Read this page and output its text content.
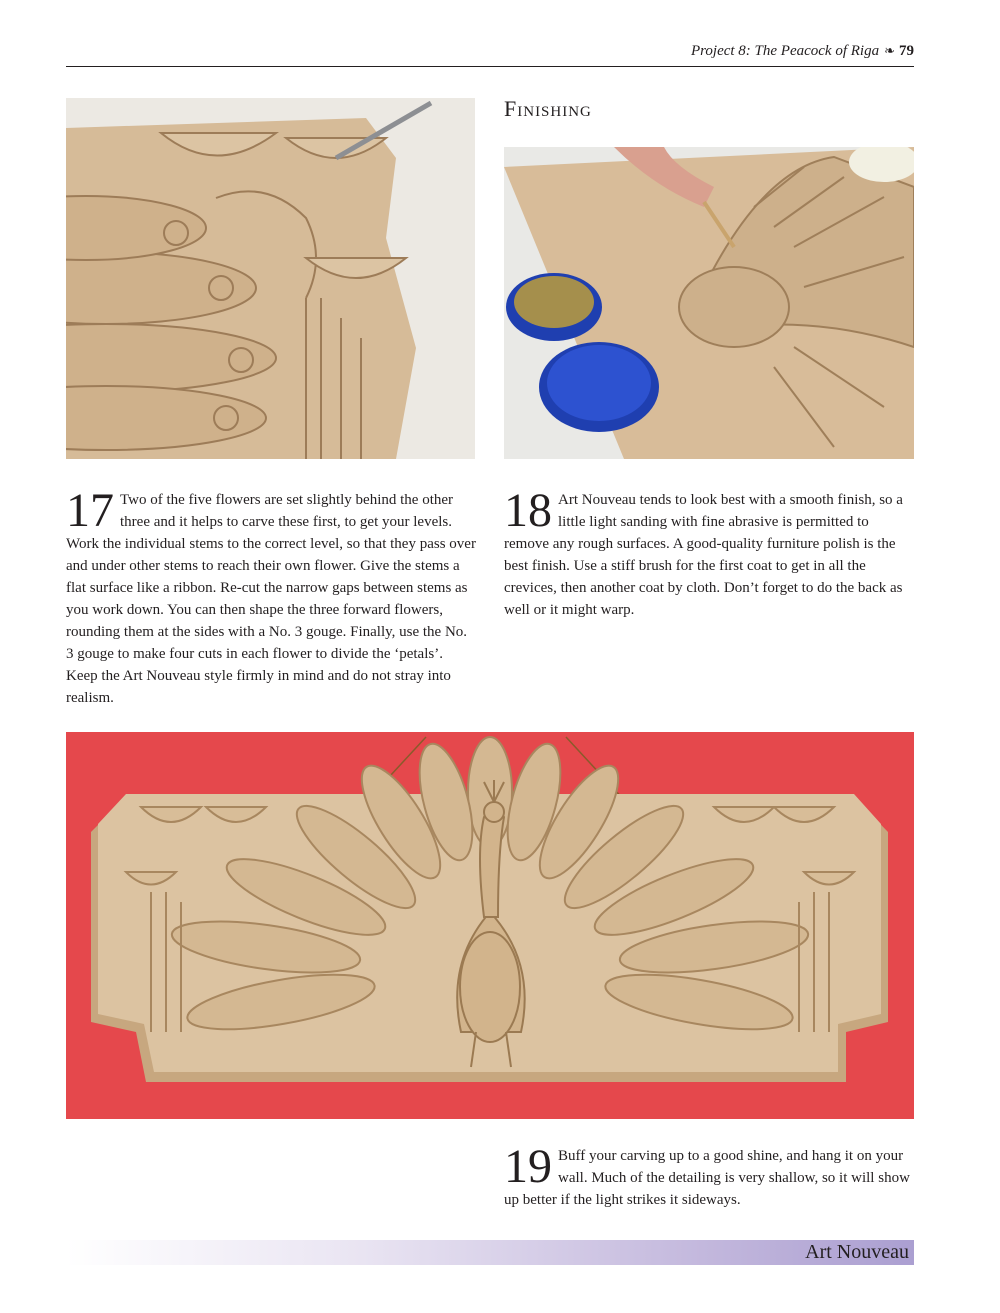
Project 8: The Peacock of Riga ❧ 79
Finishing
17 Two of the five flowers are set slightly behind the other three and it helps to carve these first, to get your levels. Work the individual stems to the correct level, so that they pass over and under other stems to reach their own flower. Give the stems a flat surface like a ribbon. Re-cut the narrow gaps between stems as you work down. You can then shape the three forward flowers, rounding them at the sides with a No. 3 gouge. Finally, use the No. 3 gouge to make four cuts in each flower to divide the ‘petals’. Keep the Art Nouveau style firmly in mind and do not stray into realism.
18 Art Nouveau tends to look best with a smooth finish, so a little light sanding with fine abrasive is permitted to remove any rough surfaces. A good-quality furniture polish is the best finish. Use a stiff brush for the first coat to get in all the crevices, then another coat by cloth. Don’t forget to do the back as well or it might warp.
19 Buff your carving up to a good shine, and hang it on your wall. Much of the detailing is very shallow, so it will show up better if the light strikes it sideways.
Art Nouveau
